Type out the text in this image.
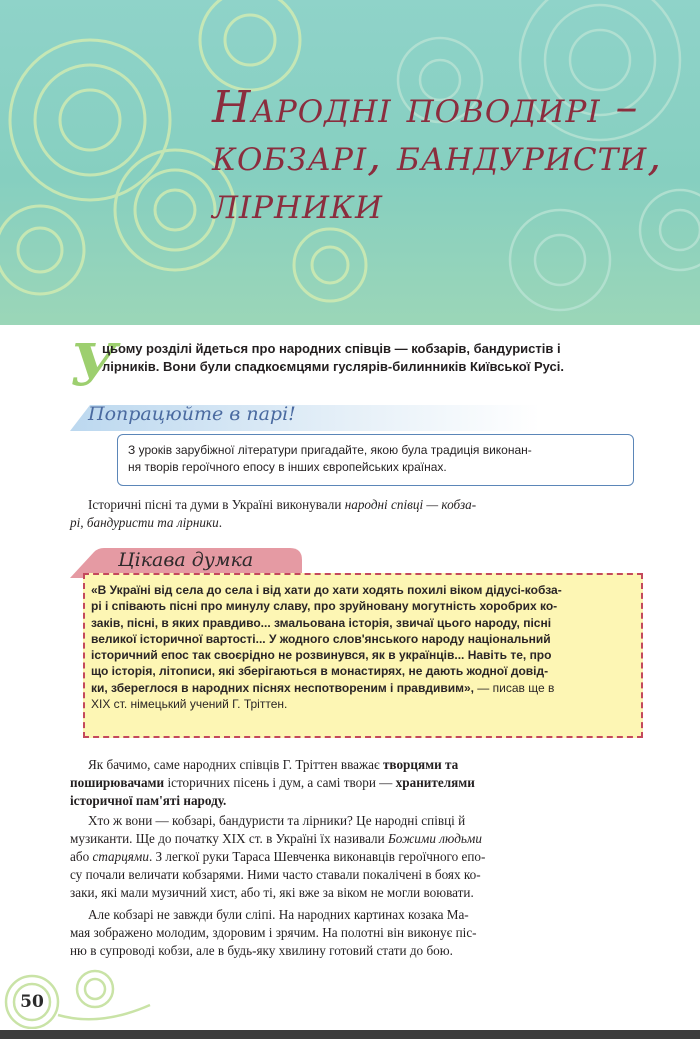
Народні поводирі –
кобзарі, бандуристи,
лірники
У
цьому розділі йдеться про народних співців — кобзарів, бандуристів і
лірників. Вони були спадкоємцями гуслярів-билинників Київської Русі.
Попрацюйте в парі!
З уроків зарубіжної літератури пригадайте, якою була традиція виконан-
ня творів героїчного епосу в інших європейських країнах.
Історичні пісні та думи в Україні виконували народні співці — кобза-
рі, бандуристи та лірники.
Цікава думка
«В Україні від села до села і від хати до хати ходять похилі віком дідусі-кобза-
рі і співають пісні про минулу славу, про зруйновану могутність хоробрих ко-
заків, пісні, в яких правдиво... змальована історія, звичаї цього народу, пісні
великої історичної вартості... У жодного слов'янського народу національний
історичний епос так своєрідно не розвинувся, як в українців... Навіть те, про
що історія, літописи, які зберігаються в монастирях, не дають жодної довід-
ки, збереглося в народних піснях неспотвореним і правдивим», — писав ще в
XIX ст. німецький учений Г. Тріттен.
Як бачимо, саме народних співців Г. Тріттен вважає творцями та
поширювачами історичних пісень і дум, а самі твори — хранителями
історичної пам'яті народу.
Хто ж вони — кобзарі, бандуристи та лірники? Це народні співці й
музиканти. Ще до початку XIX ст. в Україні їх називали Божими людьми
або старцями. З легкої руки Тараса Шевченка виконавців героїчного епо-
су почали величати кобзарями. Ними часто ставали покалічені в боях ко-
заки, які мали музичний хист, або ті, які вже за віком не могли воювати.
Але кобзарі не завжди були сліпі. На народних картинах козака Ма-
мая зображено молодим, здоровим і зрячим. На полотні він виконує піс-
ню в супроводі кобзи, але в будь-яку хвилину готовий стати до бою.
50
